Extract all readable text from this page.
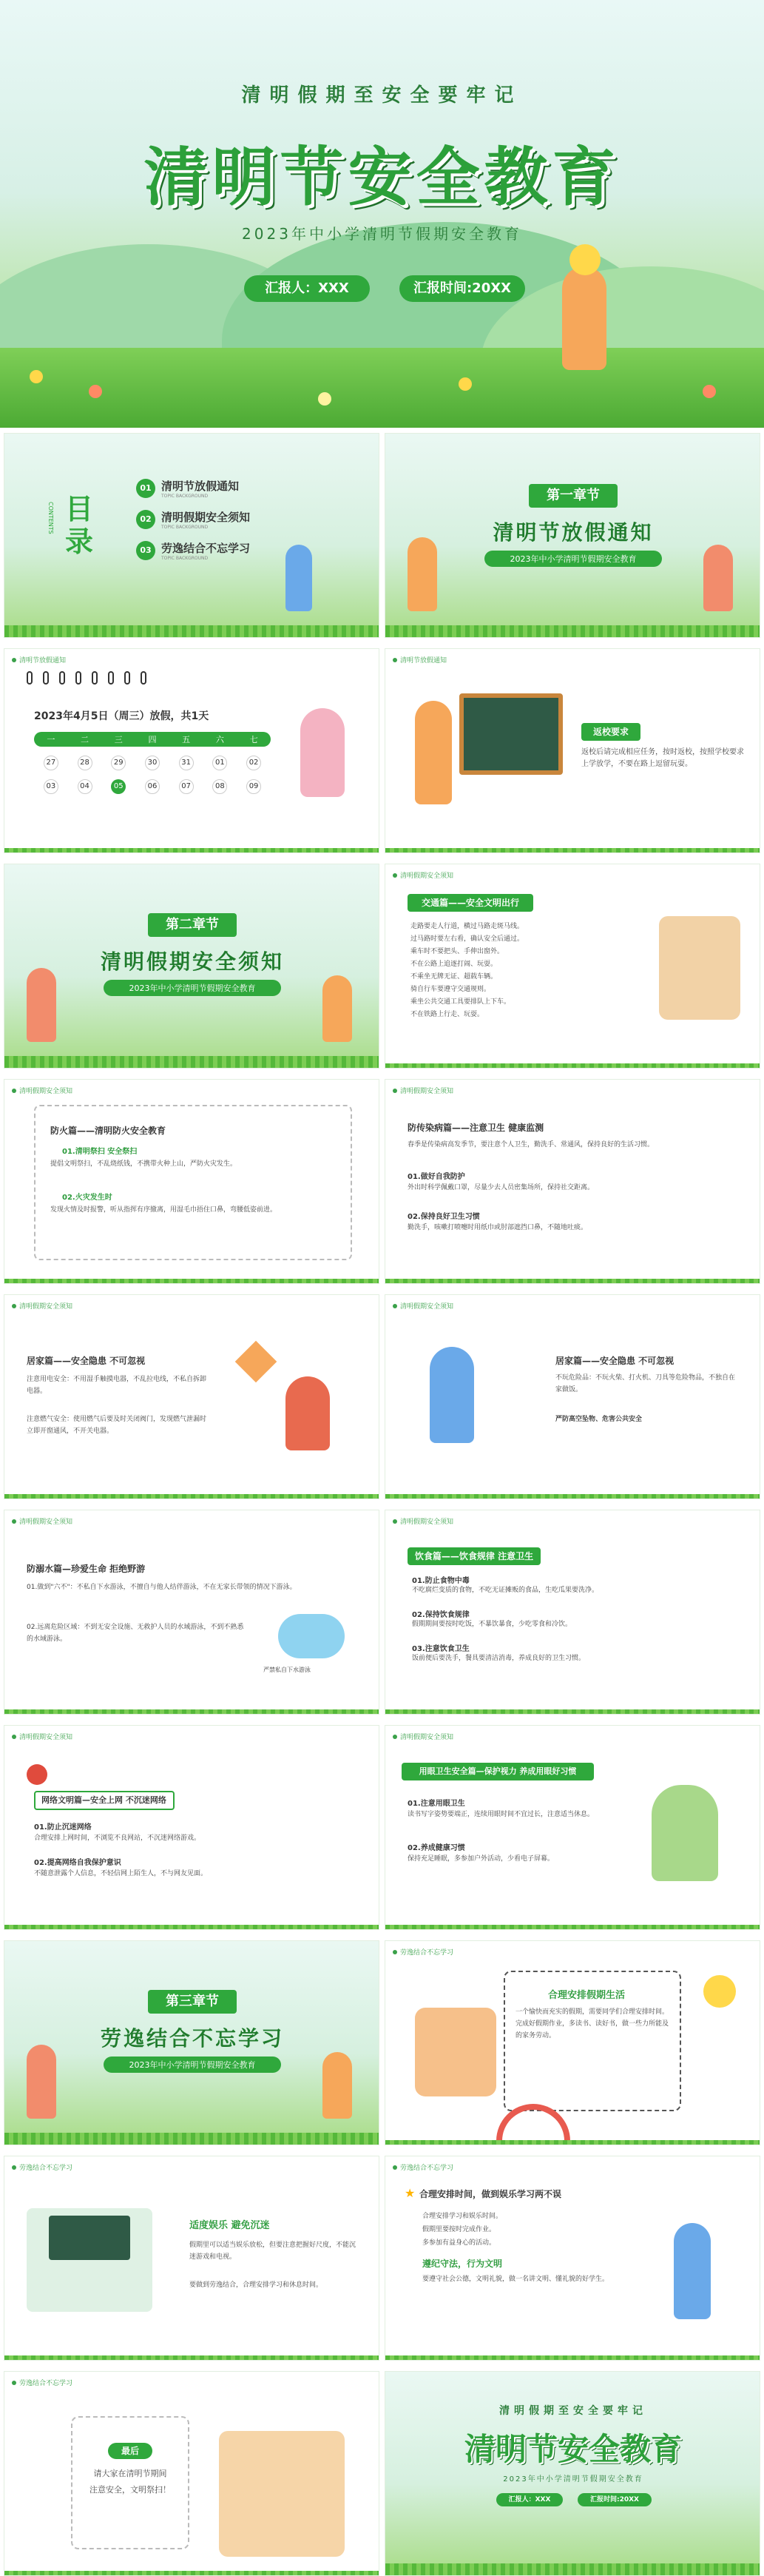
清明假期至安全要牢记
清明节安全教育
2023年中小学清明节假期安全教育
汇报人：XXX	汇报时间:20XX
目录
CONTENTS
01 清明节放假通知
TOPIC BACKGROUND
02 清明假期安全须知
TOPIC BACKGROUND
03 劳逸结合不忘学习
TOPIC BACKGROUND
第一章节
清明节放假通知
2023年中小学清明节假期安全教育
清明节放假通知
2023年4月5日（周三）放假，共1天
一	二	三	四	五	六	七
27	28	29	30	31	01	02
03	04	05	06	07	08	09
清明节放假通知
返校要求
返校后请完成相应任务，按时返校，按照学校要求上学放学，不要在路上逗留玩耍。
第二章节
清明假期安全须知
2023年中小学清明节假期安全教育
清明假期安全须知
交通篇——安全文明出行
走路要走人行道，横过马路走斑马线。
过马路时要左右看，确认安全后通过。
乘车时不要把头、手伸出窗外。
不在公路上追逐打闹、玩耍。
不乘坐无牌无证、超载车辆。
骑自行车要遵守交通规则。
乘坐公共交通工具要排队上下车。
不在铁路上行走、玩耍。
清明假期安全须知
防火篇——清明防火安全教育
01.清明祭扫 安全祭扫
提倡文明祭扫，不乱烧纸钱，不携带火种上山，严防火灾发生。
02.火灾发生时
发现火情及时报警，听从指挥有序撤离，用湿毛巾捂住口鼻，弯腰低姿前进。
清明假期安全须知
防传染病篇——注意卫生 健康监测
春季是传染病高发季节，要注意个人卫生，勤洗手、常通风，保持良好的生活习惯。
01.做好自我防护
外出时科学佩戴口罩，尽量少去人员密集场所，保持社交距离。
02.保持良好卫生习惯
勤洗手，咳嗽打喷嚏时用纸巾或肘部遮挡口鼻，不随地吐痰。
清明假期安全须知
居家篇——安全隐患 不可忽视
注意用电安全：不用湿手触摸电器，不乱拉电线，不私自拆卸电器。
注意燃气安全：使用燃气后要及时关闭阀门，发现燃气泄漏时立即开窗通风，不开关电器。
清明假期安全须知
居家篇——安全隐患 不可忽视
不玩危险品：不玩火柴、打火机、刀具等危险物品，不独自在家做饭。
严防高空坠物、危害公共安全
清明假期安全须知
防溺水篇—珍爱生命 拒绝野游
01.做到"六不"：不私自下水游泳，不擅自与他人结伴游泳，不在无家长带领的情况下游泳。
02.远离危险区域：不到无安全设施、无救护人员的水域游泳，不到不熟悉的水域游泳。
严禁私自下水游泳
清明假期安全须知
饮食篇——饮食规律 注意卫生
01.防止食物中毒
不吃腐烂变质的食物，不吃无证摊贩的食品，生吃瓜果要洗净。
02.保持饮食规律
假期期间要按时吃饭，不暴饮暴食，少吃零食和冷饮。
03.注意饮食卫生
饭前便后要洗手，餐具要清洁消毒，养成良好的卫生习惯。
清明假期安全须知
网络文明篇—安全上网 不沉迷网络
01.防止沉迷网络
合理安排上网时间，不浏览不良网站，不沉迷网络游戏。
02.提高网络自我保护意识
不随意泄露个人信息，不轻信网上陌生人，不与网友见面。
清明假期安全须知
用眼卫生安全篇—保护视力 养成用眼好习惯
01.注意用眼卫生
读书写字姿势要端正，连续用眼时间不宜过长，注意适当休息。
02.养成健康习惯
保持充足睡眠，多参加户外活动，少看电子屏幕。
第三章节
劳逸结合不忘学习
2023年中小学清明节假期安全教育
劳逸结合不忘学习
合理安排假期生活
一个愉快而充实的假期，需要同学们合理安排时间。完成好假期作业，多读书、读好书，做一些力所能及的家务劳动。
劳逸结合不忘学习
适度娱乐 避免沉迷
假期里可以适当娱乐放松，但要注意把握好尺度，不能沉迷游戏和电视。
要做到劳逸结合，合理安排学习和休息时间。
劳逸结合不忘学习
★ 合理安排时间，做到娱乐学习两不误
合理安排学习和娱乐时间。
假期里要按时完成作业。
多参加有益身心的活动。
遵纪守法，行为文明
要遵守社会公德，文明礼貌，做一名讲文明、懂礼貌的好学生。
劳逸结合不忘学习
最后
请大家在清明节期间
注意安全，文明祭扫！
清明假期至安全要牢记
清明节安全教育
2023年中小学清明节假期安全教育
汇报人：XXX	汇报时间:20XX
